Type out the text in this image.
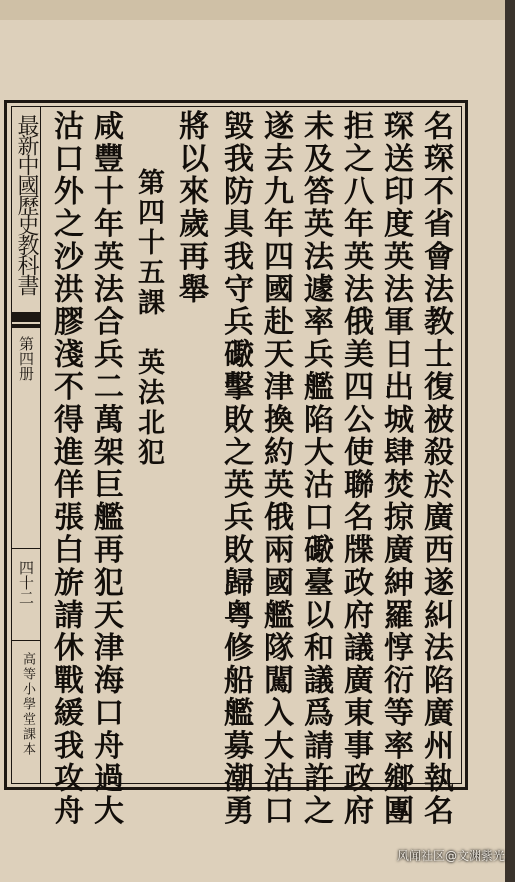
最新中國歷史教科書
第四册
四十二
高等小學堂課本	名琛不省會法教士復被殺於廣西遂糾法陷廣州執名
琛送印度英法軍日出城肆焚掠廣紳羅惇衍等率鄉團
拒之八年英法俄美四公使聯名牒政府議廣東事政府
未及答英法遽率兵艦陷大沽口礮臺以和議爲請許之
遂去九年四國赴天津換約英俄兩國艦隊闖入大沽口
毀我防具我守兵礮擊敗之英兵敗歸粤修船艦募潮勇
將以來歲再舉
第四十五課　英法北犯
咸豐十年英法合兵二萬架巨艦再犯天津海口舟過大
沽口外之沙洪膠淺不得進佯張白旂請休戰緩我攻舟
风闻社区@文渊紫光
